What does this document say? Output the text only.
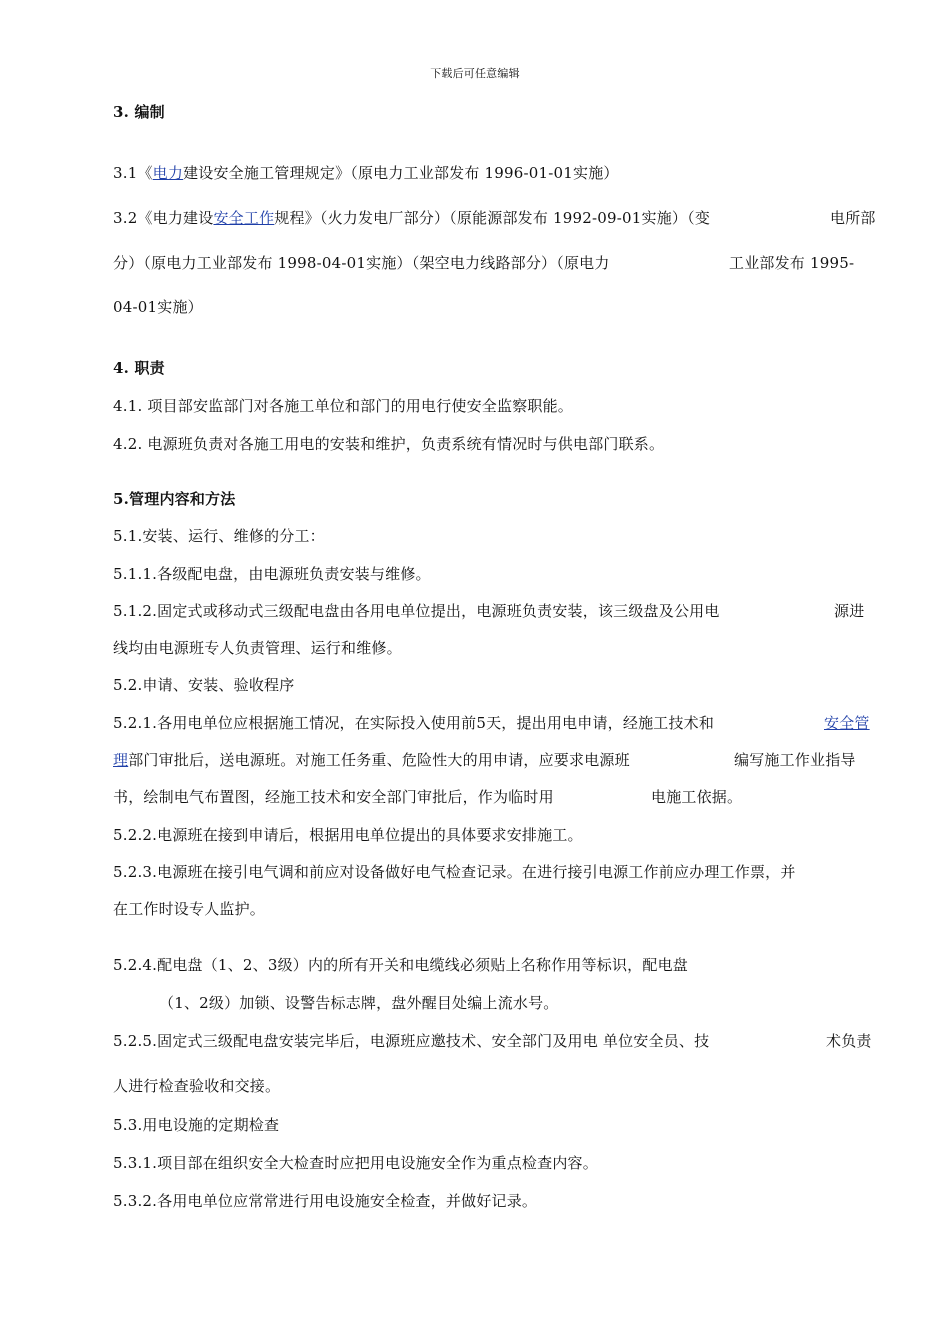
下载后可任意编辑
3. 编制
3.1《电力建设安全施工管理规定》（原电力工业部发布 1996-01-01实施）
3.2《电力建设安全工作规程》（火力发电厂部分）（原能源部发布 1992-09-01实施）（变	电所部
分）（原电力工业部发布 1998-04-01实施）（架空电力线路部分）（原电力	工业部发布 1995-
04-01实施）
4. 职责
4.1. 项目部安监部门对各施工单位和部门的用电行使安全监察职能。
4.2. 电源班负责对各施工用电的安装和维护，负责系统有情况时与供电部门联系。
5.管理内容和方法
5.1.安装、运行、维修的分工：
5.1.1.各级配电盘，由电源班负责安装与维修。
5.1.2.固定式或移动式三级配电盘由各用电单位提出，电源班负责安装，该三级盘及公用电	源进
线均由电源班专人负责管理、运行和维修。
5.2.申请、安装、验收程序
5.2.1.各用电单位应根据施工情况，在实际投入使用前5天，提出用电申请，经施工技术和	安全管
理部门审批后，送电源班。对施工任务重、危险性大的用申请，应要求电源班	编写施工作业指导
书，绘制电气布置图，经施工技术和安全部门审批后，作为临时用	电施工依据。
5.2.2.电源班在接到申请后，根据用电单位提出的具体要求安排施工。
5.2.3.电源班在接引电气调和前应对设备做好电气检查记录。在进行接引电源工作前应办理工作票，并
在工作时设专人监护。
5.2.4.配电盘（1、2、3级）内的所有开关和电缆线必须贴上名称作用等标识，配电盘
（1、2级）加锁、设警告标志牌，盘外醒目处编上流水号。
5.2.5.固定式三级配电盘安装完毕后，电源班应邀技术、安全部门及用电 单位安全员、技	术负责
人进行检查验收和交接。
5.3.用电设施的定期检查
5.3.1.项目部在组织安全大检查时应把用电设施安全作为重点检查内容。
5.3.2.各用电单位应常常进行用电设施安全检查，并做好记录。
